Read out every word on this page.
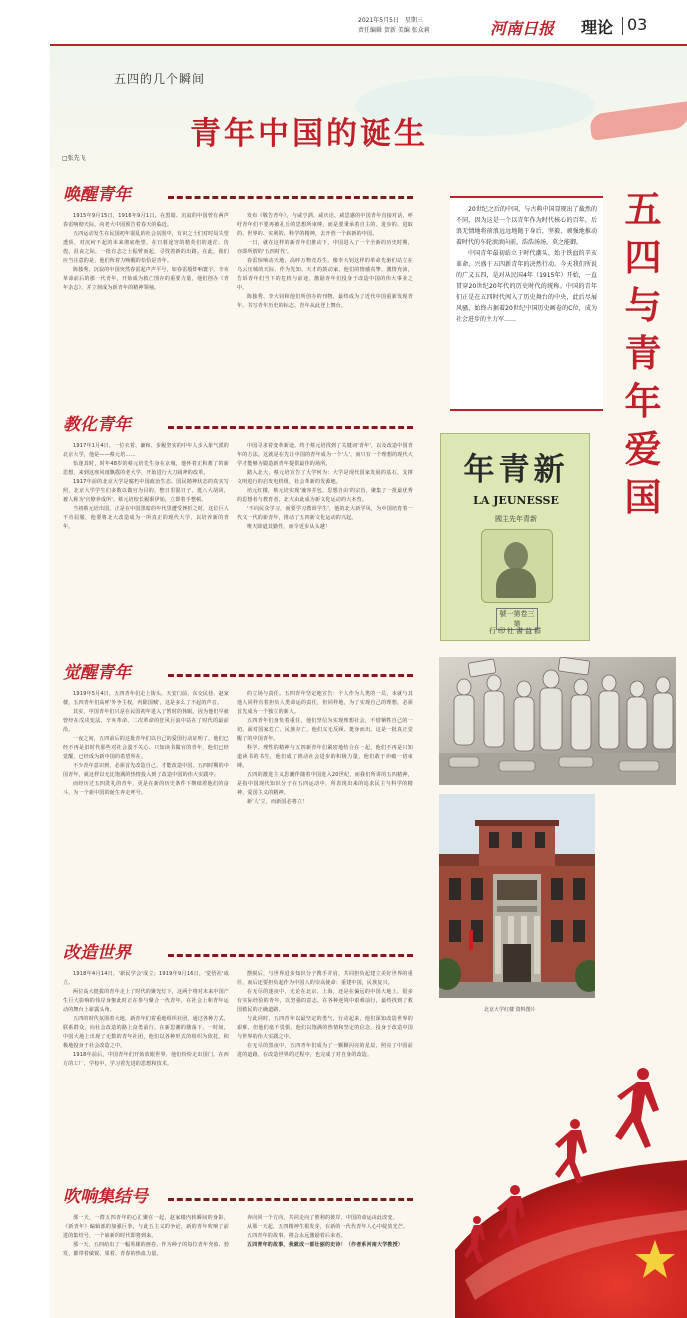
2021年5月5日　星期三
责任编辑 贺新 美编 张众莉	河南日报 理论 03
五四的几个瞬间
青年中国的诞生
□张先飞
唤醒青年

1915年9月15日，1916年9月1日，在黑暗、沉寂的中国曾有两声春雷响彻天际，向老大中国预告着春天的临近。

五四运动发生在民国初年混乱的社会氛围中，有识之士们对时局失望透顶，对沉疴不起的未来彻底绝望。在日暮途穷的精英们的迷茫、彷徨、沮丧之际，一批有志之士振臂而起，寻找着新的出路。在此，我们应当注意的是，他们所着力唤醒的恰恰是青年。

陈独秀、沉寂的中国突然春雷起声声平号，如春雷般炸响寰宇。辛亥革命前后的那一代青年，开始成为救亡图存的重要力量，他们创办《青年杂志》，并立刻成为新青年的精神领袖。

发布《敬告青年》，与咸亨酒、咸庆论、咸思感的中国青年直接对话，呼吁青年们不要再被孔丘的思想所束缚，而是要秉承着自主的、进步的、进取的、世界的、实利的、科学的精神，去开创一个崭新的中国。

一日，就在这样的新青年们推动下，中国进入了一个全新的历史时期，亦即所谓的'五四时代'。

春雷惊响动天地，高呼万物竞苏生。像李大钊这样的革命先驱们站立在乌云压城的天际，作为先知、天才的鼓动家，他们的情感真挚、激情充沛，告诉青年们当下的危机与前途，激励青年们投身于改造中国的伟大事业之中。

陈独秀、李大钊和他们所创办的刊物，最终成为了近代中国重新发现青年、书写青年历史的标志，青年从此登上舞台。

教化青年

1917年1月4日，一位衣着、谦和、步履坚实的中年人步入象气派的北京大学，他是——蔡元培……

恰逢其时，时年48岁的蔡元培先生身在京城，他怀着正积蓄了的新思想，来到这座风雨飘摇的老大学，开始进行大刀阔斧的改革。

1917年前的北京大学是腐朽中国政治生态、国民精神状态的真实写照，北京大学学生们多数以做官为目的，整日里混日子、逛八大胡同，被人称为'官僚养成所'。蔡元培校长履职伊始，立即着手整顿。

当初蔡元培出国，正是在中国黑暗的年代里遭受挫折之时，这位巨人不肯屈服，他要将北大改造成为一所真正的现代大学，以培养新的青年。

中国寻求着变革新途。终于蔡元培找到了关键词'青年'，以及改造中国青年的方法。这就是在先让中国的青年成为一个'人'，而只有一个理想的现代大学才能够为锻造新青年提供最佳的场所。

踏入北大，蔡元培宣告了大学何为：大学是现代国家发展的基石，支撑文明进行的启发电机组，社会革新的发源地。

培元红楼，蔡元培实现'兼容并包、思想自由'的宗旨，聚集了一批最优秀的思想者与教育者，北大由此成为新文化运动的大本营。

'不向民众学习，而要学习教训学生'，他的北大新学风，为中国培育着一代又一代的新青年，推动了五四新文化运动的兴起。

唯天降道其勤性，而令近步从头越！

觉醒青年

1919年5月4日，五四青年们走上街头，天安门前、东交民巷、赵家楼，五四青年们高呼'外争主权，内除国贼'，这是多么了不起的声音。

其实，中国青年们只是在民国初年进入了暂时的休眠，因为他们早就曾经在戊戌变法、辛亥革命、二次革命的狂风巨浪中站在了时代的最前沿。

一夜之间，五四前后的这批青年们以自己的爱国行动证明了，他们已经不再是旧时代那些对社会漠不关心、只知读书做官的青年，他们已经觉醒，已经成为新中国的希望所在。

不少青年意识到，必须首先改造自己，才能改造中国。五四时期的中国青年，就这样以无比饱满的热情投入到了改造中国的伟大实践中。

而经历过五四洗礼的青年，更是在新的历史条件下继续着他们的奋斗，为一个新中国的诞生奔走呼号。

的立场与责任。五四青年坚定地宣告：个人作为人类的一员，本就与其他人同样有着担负人类命运的责任，但同样地，为了实现自己的理想，必须首先成为一个独立的新人。

五四青年们身负着重任，他们坚信为实现理想社会，不惜牺牲自己的一切。面对国家危亡、民族存亡，他们义无反顾、挺身而出。这是一批真正觉醒了的中国青年。

科学、理性的精神与五四新青年们紧密地结合在一起，他们不再是只知道读书的书生，他们成了推动社会进步的积极力量，他们敢于冲破一切束缚。

五四的激进主义思潮伴随着中国进入20世纪，而我们所讲的五四精神，是指中国现代知识分子在五四运动中，所表现出来的追求民主与科学的精神，爱国主义的精神。

新'人'立，而新国必将立！

改造世界

1918年4月14日，'新民学会'成立；1919年9月16日，'觉悟社'成立。

两位高大挺拔的青年走上了时代的聚光灯下，这两个将对未来中国产生巨大影响的伟岸身躯此时正在参与聚合一代青年，在社会上和青年运动的舞台上崭露头角。

五四的时代氛围着大地，新青年们着重地组织社团，通过各种方式，联系群众，向社会改造的路上奋勇前行。在新思潮的激荡下，一时间，中国大地上出现了无数的青年社团，他们以各种形式的组织为依托，积极地投身于社会改造之中。

1918年前后，中国青年们开始放眼世界，他们纷纷走出国门，在西方的工厂、学校中，学习着先进的思想和技术。

摆脱后，与世界进步知识分子携手并肩，共同担负起建立美好世界的重任，而后还要担负起作为中国人的崇高使命：重建中国，民族复兴。

在无尽的迷夜中，无论在北京、上海，还是在偏远的中国大地上，很多有实际经验的青年，以坚强的意志，在各种逆境中艰难前行，最终找到了救国救民的正确道路。

与此同时，五四青年以最坚定的勇气，行动起来，他们深知改造世界的艰难，但他们毫不畏惧，他们以饱满的热情和坚定的信念，投身于改造中国与世界的伟大实践之中。

在无尽的黑夜中，五四青年们成为了一颗颗闪亮的星辰，照亮了中国前进的道路，在改造世界的过程中，也完成了对自身的改造。

吹响集结号

那一天，一群五四青年的心汇聚在一起，赵家楼内转瞬间的身影，《新青年》编辑部的加强巨拳，与此五主义的争论，新的青年吹响了前进的集结号，一个崭新的时代即将到来。

那一天，五四给出了一幅英雄的画卷，作为种子的每位青年充盈、勃发，都带着敏锐、果着、青春的热血力量。

奔向同一个方向，共同走向了胜利的彼岸，中国的命运由此改变。

从那一天起，五四精神生根发芽，在新的一代代青年人心中绽放光芒。

五四青年的故事，将会永远激励着后来者。

五四青年的故事，我就成一部壮丽的史诗！（作者系河南大学教授）

20世纪之后的中国，与古典中国显现出了截然的不同，因为这是一个以青年作为时代核心的百年，后浪无情地将前浪远远地抛于身后，坚毅、顽强地推动着时代的车轮滚滚向前，浩浩汤汤，莫之能御。

中国青年最初站立于时代潮头，始于铁血的辛亥革命，兴盛于五四新青年的决然行动。今天我们所说的广义五四，是对从民国4年（1915年）开始，一直贯穿20世纪20年代的历史时代的统称。中国的青年们正是在五四时代闯入了历史舞台的中央，此后尽展风骚，始终占据着20世纪中国历史画卷的C位，成为社会进步的主力军……

五
四
与
青
年
爱
国
年青新
LA JEUNESSE
國主先年青新
號一第卷三第
行印社書益群
北京大学红楼 资料图片
